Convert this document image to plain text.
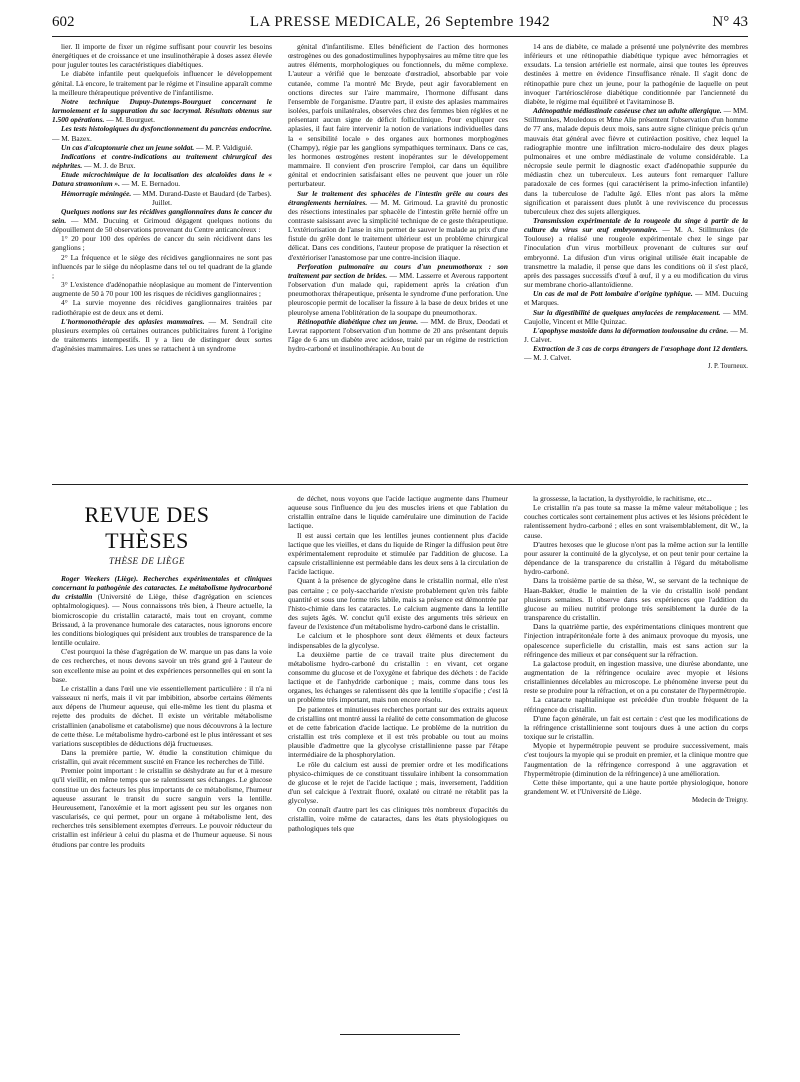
602	LA PRESSE MEDICALE, 26 Septembre 1942	N° 43

lier. Il importe de fixer un régime suffisant pour couvrir les besoins énergétiques et de croissance et une insulinothérapie à doses assez élevée pour juguler toutes les caractéristiques diabétiques.

Le diabète infantile peut quelquefois influencer le développement génital. Là encore, le traitement par le régime et l'insuline apparaît comme la meilleure thérapeutique préventive de l'infantilisme.

Notre technique Dupuy-Dutemps-Bourguet concernant le larmoiement et la suppuration du sac lacrymal. Résultats obtenus sur 1.500 opérations. — M. Bourguet.

Les tests histologiques du dysfonctionnement du pancréas endocrine. — M. Bazex.

Un cas d'alcaptonurie chez un jeune soldat. — M. P. Valdiguié.

Indications et contre-indications au traitement chirurgical des néphrites. — M. J. de Brux.

Etude microchimique de la localisation des alcaloïdes dans le « Datura stramonium ». — M. E. Bernadou.

Hémorragie méningée. — MM. Durand-Daste et Baudard (de Tarbes).

Juillet.

Quelques notions sur les récidives ganglionnaires dans le cancer du sein. — MM. Ducuing et Grimoud dégagent quelques notions du dépouillement de 50 observations provenant du Centre anticancéreux :

1° 20 pour 100 des opérées de cancer du sein récidivent dans les ganglions ;

2° La fréquence et le siège des récidives ganglionnaires ne sont pas influencés par le siège du néoplasme dans tel ou tel quadrant de la glande ;

3° L'existence d'adénopathie néoplasique au moment de l'intervention augmente de 50 à 70 pour 100 les risques de récidives ganglionnaires ;

4° La survie moyenne des récidives ganglionnaires traitées par radiothérapie est de deux ans et demi.

L'hormonothérapie des aplasies mammaires. — M. Sendrail cite plusieurs exemples où certaines outrances publicitaires furent à l'origine de traitements intempestifs. Il y a lieu de distinguer deux sortes d'agénésies mammaires. Les unes se rattachent à un syndrome

génital d'infantilisme. Elles bénéficient de l'action des hormones œstrogènes ou des gonadostimulines hypophysaires au même titre que les autres éléments, morphologiques ou fonctionnels, du même complexe. L'auteur a vérifié que le benzoate d'œstradiol, absorbable par voie cutanée, comme l'a montré Mc Bryde, peut agir favorablement en onctions directes sur l'aire mammaire, l'hormone diffusant dans l'ensemble de l'organisme. D'autre part, il existe des aplasies mammaires isolées, parfois unilatérales, observées chez des femmes bien réglées et ne présentant aucun signe de déficit folliculinique. Pour expliquer ces aplasies, il faut faire intervenir la notion de variations individuelles dans la « sensibilité locale » des organes aux hormones morphogènes (Champy), régie par les ganglions sympathiques terminaux. Dans ce cas, les hormones œstrogènes restent inopérantes sur le développement mammaire. Il convient d'en proscrire l'emploi, car dans un équilibre génital et endocrinien satisfaisant elles ne peuvent que jouer un rôle perturbateur.

Sur le traitement des sphacèles de l'intestin grêle au cours des étranglements herniaires. — M. M. Grimoud. La gravité du pronostic des résections intestinales par sphacèle de l'intestin grêle hernié offre un contraste saisissant avec la simplicité technique de ce geste thérapeutique. L'extériorisation de l'anse in situ permet de sauver le malade au prix d'une fistule du grêle dont le traitement ultérieur est un problème chirurgical délicat. Dans ces conditions, l'auteur propose de pratiquer la résection et d'extérioriser l'anastomose par une contre-incision iliaque.

Perforation pulmonaire au cours d'un pneumothorax : son traitement par section de brides. — MM. Lasserre et Averous rapportent l'observation d'un malade qui, rapidement après la création d'un pneumothorax thérapeutique, présenta le syndrome d'une perforation. Une pleuroscopie permit de localiser la fissure à la base de deux brides et une pleurolyse amena l'oblitération de la soupape du pneumothorax.

Rétinopathie diabétique chez un jeune. — MM. de Brux, Deodati et Levrat rapportent l'observation d'un homme de 20 ans présentant depuis l'âge de 6 ans un diabète avec acidose, traité par un régime de restriction hydro-carboné et insulinothérapie. Au bout de

14 ans de diabète, ce malade a présenté une polynévrite des membres inférieurs et une rétinopathie diabétique typique avec hémorragies et exsudats. La tension artérielle est normale, ainsi que toutes les épreuves destinées à mettre en évidence l'insuffisance rénale. Il s'agit donc de rétinopathie pure chez un jeune, pour la pathogénie de laquelle on peut invoquer l'artériosclérose diabétique conditionnée par l'ancienneté du diabète, le régime mal équilibré et l'avitaminose B.

Adénopathie médiastinale caséeuse chez un adulte allergique. — MM. Stillmunkes, Mouledous et Mme Alie présentent l'observation d'un homme de 77 ans, malade depuis deux mois, sans autre signe clinique précis qu'un mauvais état général avec fièvre et cutiréaction positive, chez lequel la radiographie montre une infiltration micro-nodulaire des deux plages pulmonaires et une ombre médiastinale de volume considérable. La nécropsie seule permit le diagnostic exact d'adénopathie suppurée du médiastin chez un tuberculeux. Les auteurs font remarquer l'allure paradoxale de ces formes (qui caractérisent la primo-infection infantile) dans la tuberculose de l'adulte âgé. Elles n'ont pas alors la même signification et paraissent dues plutôt à une reviviscence du processus tuberculeux chez des sujets allergiques.

Transmission expérimentale de la rougeole du singe à partir de la culture du virus sur œuf embryonnaire. — M. A. Stillmunkes (de Toulouse) a réalisé une rougeole expérimentale chez le singe par l'inoculation d'un virus morbilleux provenant de cultures sur œuf embryonné. La difusion d'un virus original utilisée était incapable de transmettre la maladie, il pense que dans les conditions où il s'est placé, après des passages successifs d'œuf à œuf, il y a eu modification du virus sur membrane chorio-allantoïdienne.

Un cas de mal de Pott lombaire d'origine typhique. — MM. Ducuing et Marques.

Sur la digestibilité de quelques amylacées de remplacement. — MM. Caujolle, Vincent et Mlle Quinzac.

L'apophyse mastoïde dans la déformation toulousaine du crâne. — M. J. Calvet.

Extraction de 3 cas de corps étrangers de l'œsophage dont 12 dentiers. — M. J. Calvet.

J. P. Tourneux.

REVUE DES THÈSES
THÈSE DE LIÈGE

Roger Weekers (Liège). Recherches expérimentales et cliniques concernant la pathogénie des cataractes. Le métabolisme hydrocarboné du cristallin (Université de Liège, thèse d'agrégation en sciences ophtalmologiques). — Nous connaissons très bien, à l'heure actuelle, la biomicroscopie du cristallin cataracté, mais tout en croyant, comme Brissaud, à la provenance humorale des cataractes, nous ignorons encore les conditions biologiques qui président aux troubles de transparence de la lentille oculaire.

C'est pourquoi la thèse d'agrégation de W. marque un pas dans la voie de ces recherches, et nous devons savoir un très grand gré à l'auteur de son excellente mise au point et des expériences personnelles qui en sont la base.

Le cristallin a dans l'œil une vie essentiellement particulière : il n'a ni vaisseaux ni nerfs, mais il vit par imbibition, absorbe certains éléments aux dépens de l'humeur aqueuse, qui elle-même les tient du plasma et rejette des produits de déchet. Il existe un véritable métabolisme cristallinien (anabolisme et catabolisme) que nous découvrons à la lecture de cette thèse. Le métabolisme hydro-carboné est le plus intéressant et ses variations susceptibles de déductions déjà fructueuses.

Dans la première partie, W. étudie la constitution chimique du cristallin, qui avait récemment suscité en France les recherches de Tillé.

Premier point important : le cristallin se déshydrate au fur et à mesure qu'il vieillit, en même temps que se ralentissent ses échanges. Le glucose constitue un des facteurs les plus importants de ce métabolisme, l'humeur aqueuse assurant le transit du sucre sanguin vers la lentille. Heureusement, l'anoxémie et la mort agissent peu sur les organes non vascularisés, ce qui permet, pour un organe à métabolisme lent, des recherches très sensiblement exemptes d'erreurs. Le pouvoir réducteur du cristallin est inférieur à celui du plasma et de l'humeur aqueuse. Si nous étudions par contre les produits

de déchet, nous voyons que l'acide lactique augmente dans l'humeur aqueuse sous l'influence du jeu des muscles iriens et que l'ablation du cristallin entraîne dans le liquide camérulaire une diminution de l'acide lactique.

Il est aussi certain que les lentilles jeunes contiennent plus d'acide lactique que les vieilles, et dans du liquide de Ringer la diffusion peut être expérimentalement reproduite et stimulée par l'addition de glucose. La capsule cristallinienne est perméable dans les deux sens à la circulation de l'acide lactique.

Quant à la présence de glycogène dans le cristallin normal, elle n'est pas certaine ; ce poly-saccharide n'existe probablement qu'en très faible quantité et sous une forme très labile, mais sa présence est démontrée par l'histo-chimie dans les cataractes. Le calcium augmente dans la lentille des sujets âgés. W. conclut qu'il existe des arguments très sérieux en faveur de l'existence d'un métabolisme hydro-carboné dans le cristallin.

Le calcium et le phosphore sont deux éléments et deux facteurs indispensables de la glycolyse.

La deuxième partie de ce travail traite plus directement du métabolisme hydro-carboné du cristallin : en vivant, cet organe consomme du glucose et de l'oxygène et fabrique des déchets : de l'acide lactique et de l'anhydride carbonique ; mais, comme dans tous les organes, les échanges se ralentissent dès que la lentille s'opacifie ; c'est là un problème très important, mais non encore résolu.

De patientes et minutieuses recherches portant sur des extraits aqueux de cristallins ont montré aussi la réalité de cette consommation de glucose et de cette fabrication d'acide lactique. Le problème de la nutrition du cristallin est très complexe et il est très probable ou tout au moins plausible d'admettre que la glycolyse cristallinienne passe par l'étape intermédiaire de la phosphorylation.

Le rôle du calcium est aussi de premier ordre et les modifications physico-chimiques de ce constituant tissulaire inhibent la consommation de glucose et le rejet de l'acide lactique ; mais, inversement, l'addition d'un sel calcique à l'extrait fluoré, oxalaté ou citraté ne rétablit pas la glycolyse.

On connaît d'autre part les cas cliniques très nombreux d'opacités du cristallin, voire même de cataractes, dans les états physiologiques ou pathologiques tels que

la grossesse, la lactation, la dysthyroïdie, le rachitisme, etc...

Le cristallin n'a pas toute sa masse la même valeur métabolique ; les couches corticales sont certainement plus actives et les lésions précèdent le ralentissement hydro-carboné ; elles en sont vraisemblablement, dit W., la cause.

D'autres hexoses que le glucose n'ont pas la même action sur la lentille pour assurer la continuité de la glycolyse, et on peut tenir pour certaine la dépendance de la transparence du cristallin à l'égard du métabolisme hydro-carboné.

Dans la troisième partie de sa thèse, W., se servant de la technique de Haan-Bakker, étudie le maintien de la vie du cristallin isolé pendant plusieurs semaines. Il observe dans ses expériences que l'addition du glucose au milieu nutritif prolonge très sensiblement la durée de la transparence du cristallin.

Dans la quatrième partie, des expérimentations cliniques montrent que l'injection intrapéritonéale forte à des animaux provoque du myosis, une opalescence superficielle du cristallin, mais est sans action sur la réfringence des milieux et par conséquent sur la réfraction.

La galactose produit, en ingestion massive, une diurèse abondante, une augmentation de la réfringence oculaire avec myopie et lésions cristalliniennes décelables au microscope. Le phénomène inverse peut du reste se produire pour la réfraction, et on a pu constater de l'hypermétropie.

La cataracte naphtalinique est précédée d'un trouble fréquent de la réfringence du cristallin.

D'une façon générale, un fait est certain : c'est que les modifications de la réfringence cristallinienne sont toujours dues à une action du corps toxique sur le cristallin.

Myopie et hypermétropie peuvent se produire successivement, mais c'est toujours la myopie qui se produit en premier, et la clinique montre que l'augmentation de la réfringence correspond à une aggravation et l'hypermétropie (diminution de la réfringence) à une amélioration.

Cette thèse importante, qui a une haute portée physiologique, honore grandement W. et l'Université de Liège.

Medecin de Treigny.
